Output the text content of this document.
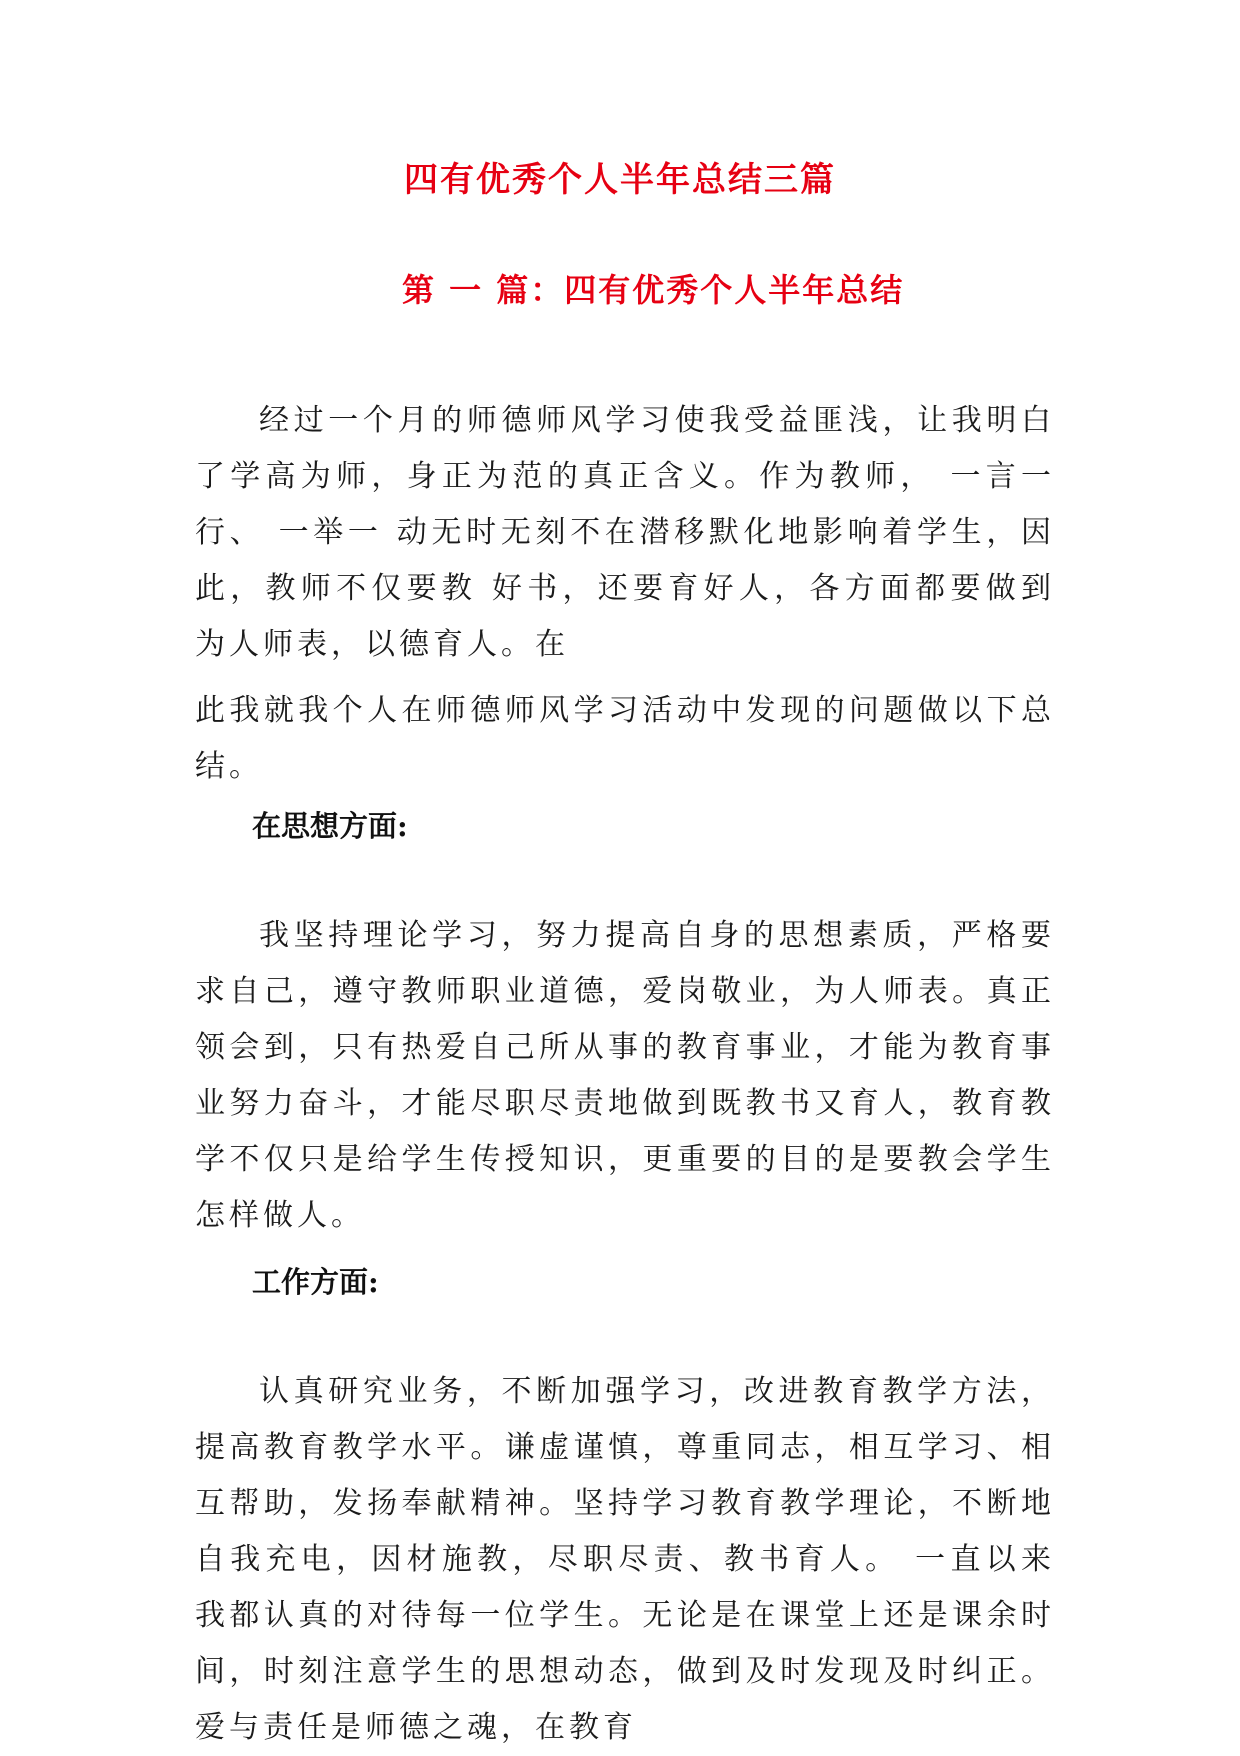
四有优秀个人半年总结三篇
第 一 篇：四有优秀个人半年总结

经过一个月的师德师风学习使我受益匪浅，让我明白了学高为师，身正为范的真正含义。作为教师， 一言一行、 一举一 动无时无刻不在潜移默化地影响着学生，因此，教师不仅要教 好书，还要育好人，各方面都要做到为人师表，以德育人。在

此我就我个人在师德师风学习活动中发现的问题做以下总结。

在思想方面:

我坚持理论学习，努力提高自身的思想素质，严格要求自己，遵守教师职业道德，爱岗敬业，为人师表。真正领会到，只有热爱自己所从事的教育事业，才能为教育事业努力奋斗，才能尽职尽责地做到既教书又育人，教育教学不仅只是给学生传授知识，更重要的目的是要教会学生怎样做人。

工作方面:

认真研究业务，不断加强学习，改进教育教学方法，提高教育教学水平。谦虚谨慎，尊重同志，相互学习、相互帮助，发扬奉献精神。坚持学习教育教学理论，不断地自我充电，因材施教，尽职尽责、教书育人。 一直以来我都认真的对待每一位学生。无论是在课堂上还是课余时间，时刻注意学生的思想动态，做到及时发现及时纠正。爱与责任是师德之魂，在教育
